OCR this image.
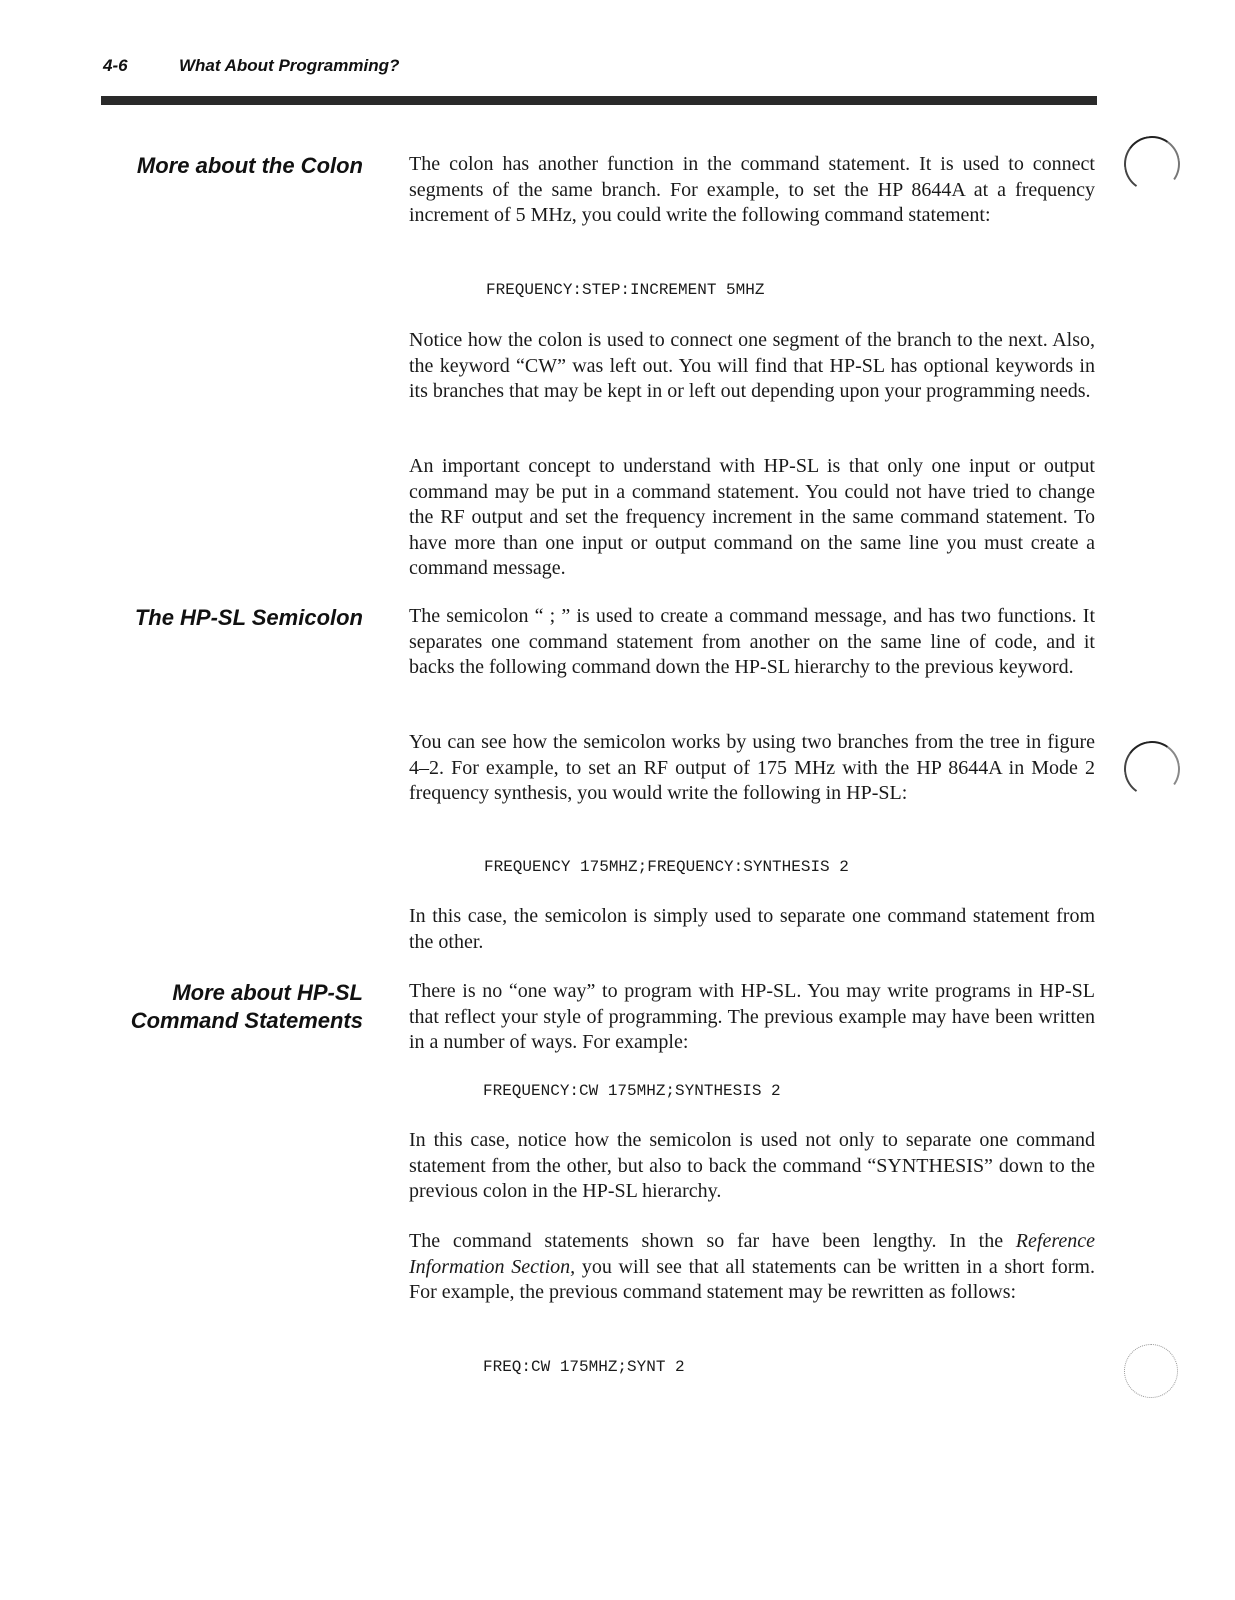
4-6	What About Programming?
More about the Colon The colon has another function in the command statement. It is used to connect segments of the same branch. For example, to set the HP 8644A at a frequency increment of 5 MHz, you could write the following command statement:

FREQUENCY:STEP:INCREMENT 5MHZ

Notice how the colon is used to connect one segment of the branch to the next. Also, the keyword “CW” was left out. You will find that HP-SL has optional keywords in its branches that may be kept in or left out depending upon your programming needs.

An important concept to understand with HP-SL is that only one input or output command may be put in a command statement. You could not have tried to change the RF output and set the frequency increment in the same command statement. To have more than one input or output command on the same line you must create a command message.

The HP-SL Semicolon The semicolon “ ; ” is used to create a command message, and has two functions. It separates one command statement from another on the same line of code, and it backs the following command down the HP-SL hierarchy to the previous keyword.

You can see how the semicolon works by using two branches from the tree in figure 4–2. For example, to set an RF output of 175 MHz with the HP 8644A in Mode 2 frequency synthesis, you would write the following in HP-SL:

FREQUENCY 175MHZ;FREQUENCY:SYNTHESIS 2

In this case, the semicolon is simply used to separate one command statement from the other.

More about HP-SL
Command Statements

There is no “one way” to program with HP-SL. You may write programs in HP-SL that reflect your style of programming. The previous example may have been written in a number of ways. For example:

FREQUENCY:CW 175MHZ;SYNTHESIS 2

In this case, notice how the semicolon is used not only to separate one command statement from the other, but also to back the command “SYNTHESIS” down to the previous colon in the HP-SL hierarchy.

The command statements shown so far have been lengthy. In the Reference Information Section, you will see that all statements can be written in a short form. For example, the previous command statement may be rewritten as follows:

FREQ:CW 175MHZ;SYNT 2
